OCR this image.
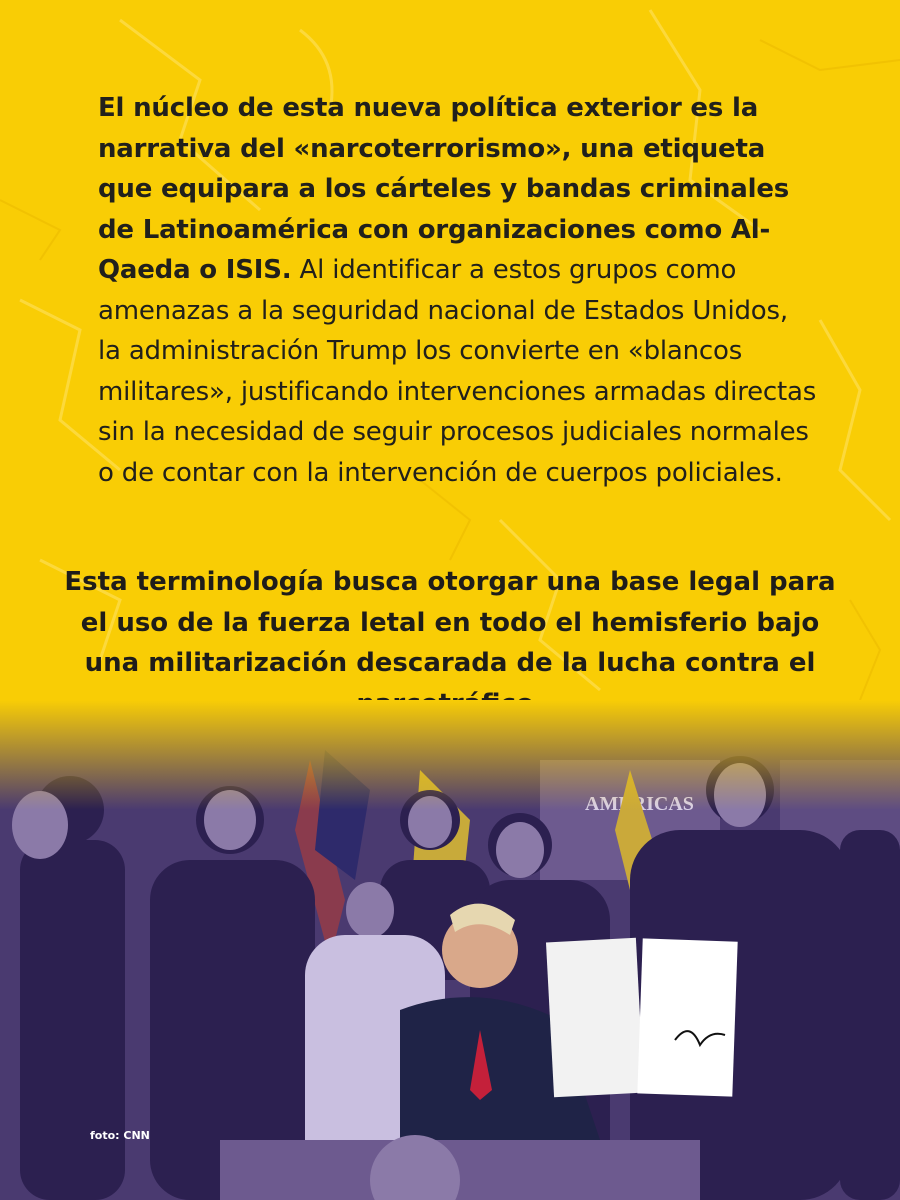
El núcleo de esta nueva política exterior es la narrativa del «narcoterrorismo», una etiqueta que equipara a los cárteles y bandas criminales de Latinoamérica con organizaciones como Al-Qaeda o ISIS. Al identificar a estos grupos como amenazas a la seguridad nacional de Estados Unidos, la administración Trump los convierte en «blancos militares», justificando intervenciones armadas directas sin la necesidad de seguir procesos judiciales normales o de contar con la intervención de cuerpos policiales.
Esta terminología busca otorgar una base legal para el uso de la fuerza letal en todo el hemisferio bajo una militarización descarada de la lucha contra el
foto: CNN
